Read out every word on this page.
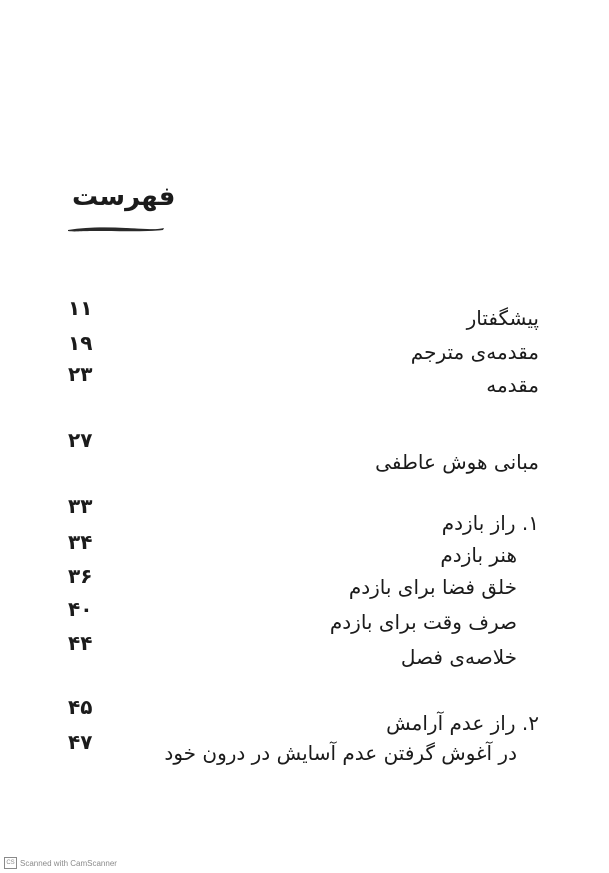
فهرست
پیشگفتار
مقدمه‌ی مترجم
مقدمه
مبانی هوش عاطفی
۱. راز بازدم
هنر بازدم
خلق فضا برای بازدم
صرف وقت برای بازدم
خلاصه‌ی فصل
۲. راز عدم آرامش
در آغوش گرفتن عدم آسایش در درون خود
۱۱
۱۹
۲۳
۲۷
۳۳
۳۴
۳۶
۴۰
۴۴
۴۵
۴۷
CS Scanned with CamScanner
